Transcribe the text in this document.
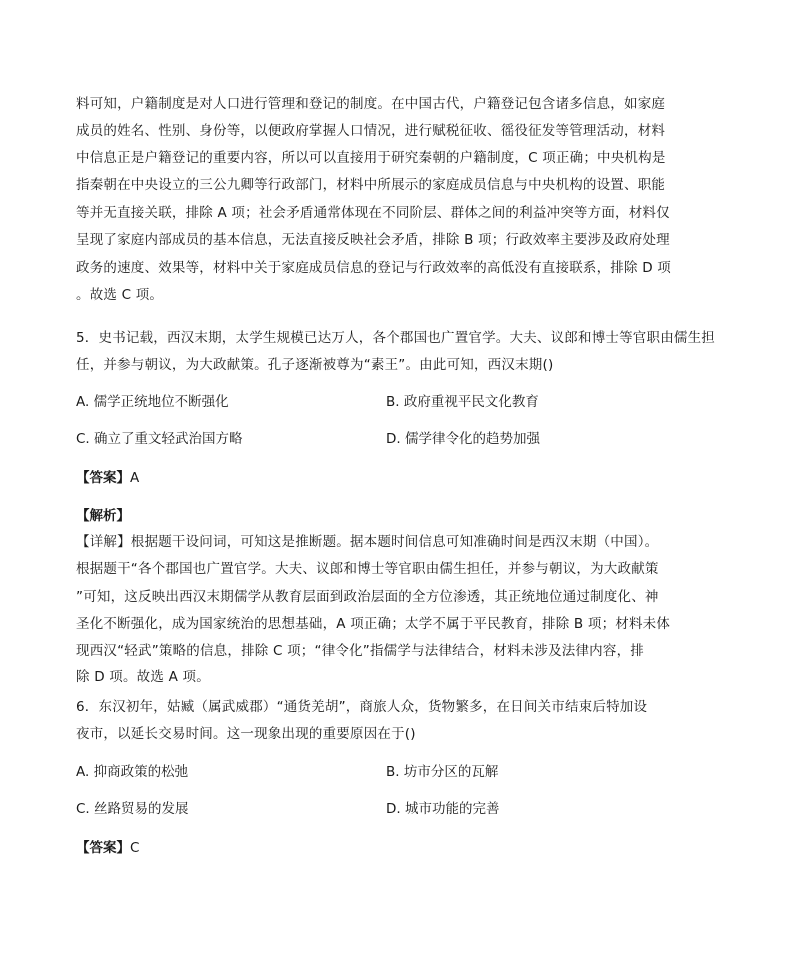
料可知，户籍制度是对人口进行管理和登记的制度。在中国古代，户籍登记包含诸多信息，如家庭
成员的姓名、性别、身份等，以便政府掌握人口情况，进行赋税征收、徭役征发等管理活动，材料
中信息正是户籍登记的重要内容，所以可以直接用于研究秦朝的户籍制度，C 项正确；中央机构是
指秦朝在中央设立的三公九卿等行政部门，材料中所展示的家庭成员信息与中央机构的设置、职能
等并无直接关联，排除 A 项；社会矛盾通常体现在不同阶层、群体之间的利益冲突等方面，材料仅
呈现了家庭内部成员的基本信息，无法直接反映社会矛盾，排除 B 项；行政效率主要涉及政府处理
政务的速度、效果等，材料中关于家庭成员信息的登记与行政效率的高低没有直接联系，排除 D 项
。故选 C 项。
5．史书记载，西汉末期，太学生规模已达万人，各个郡国也广置官学。大夫、议郎和博士等官职由儒生担
任，并参与朝议，为大政献策。孔子逐渐被尊为“素王”。由此可知，西汉末期()
A. 儒学正统地位不断强化	B. 政府重视平民文化教育
C. 确立了重文轻武治国方略	D. 儒学律令化的趋势加强
【答案】A
【解析】
【详解】根据题干设问词，可知这是推断题。据本题时间信息可知准确时间是西汉末期（中国）。
根据题干“各个郡国也广置官学。大夫、议郎和博士等官职由儒生担任，并参与朝议，为大政献策
”可知，这反映出西汉末期儒学从教育层面到政治层面的全方位渗透，其正统地位通过制度化、神
圣化不断强化，成为国家统治的思想基础，A 项正确；太学不属于平民教育，排除 B 项；材料未体
现西汉“轻武”策略的信息，排除 C 项；“律令化”指儒学与法律结合，材料未涉及法律内容，排
除 D 项。故选 A 项。
6．东汉初年，姑臧（属武威郡）“通货羌胡”，商旅人众，货物繁多，在日间关市结束后特加设
夜市，以延长交易时间。这一现象出现的重要原因在于()
A. 抑商政策的松弛	B. 坊市分区的瓦解
C. 丝路贸易的发展	D. 城市功能的完善
【答案】C
